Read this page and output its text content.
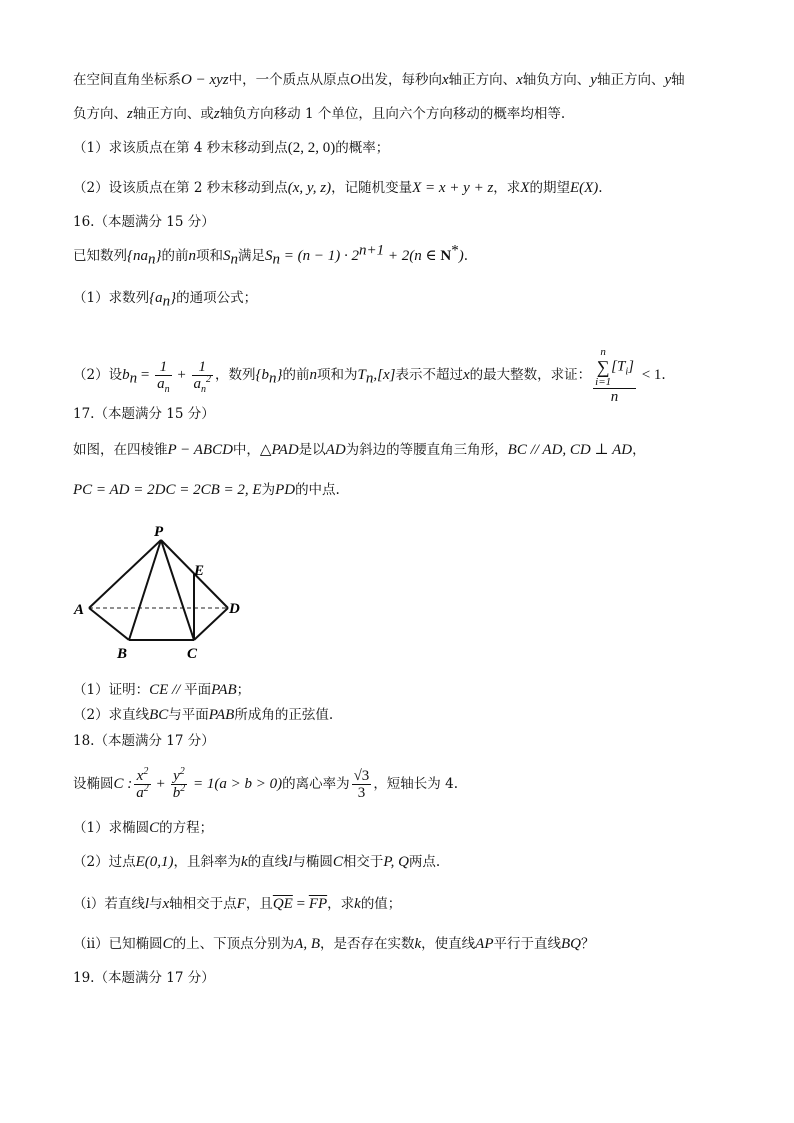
在空间直角坐标系O − xyz中，一个质点从原点O出发，每秒向x轴正方向、x轴负方向、y轴正方向、y轴
负方向、z轴正方向、或z轴负方向移动 1 个单位，且向六个方向移动的概率均相等.
（1）求该质点在第 4 秒末移动到点(2, 2, 0)的概率；
（2）设该质点在第 2 秒末移动到点(x, y, z)，记随机变量X = x + y + z，求X的期望E(X).
16.（本题满分 15 分）
已知数列$\{na_n\}$的前n项和$S_n$满足$S_n = (n - 1) \cdot 2^{n+1} + 2(n$ ∈ N*).
（1）求数列$\{a_n\}$的通项公式；
（2）设$b_n = \frac{1}{a_n} + \frac{1}{a_n^2}$ ，数列$\{b_n\}$的前n项和为$T_n,[x]$表示不超过x的最大整数，求证： n
∑
i=1
$[T_i]$
n < 1.
17.（本题满分 15 分）
如图，在四棱锥P − ABCD中，△PAD是以AD为斜边的等腰直角三角形，BC // AD, CD ⊥ AD，
PC = AD = 2DC = 2CB = 2, E为PD的中点.
P
A
B	C
D
E
（1）证明：CE // 平面PAB；
（2）求直线BC与平面PAB所成角的正弦值.
18.（本题满分 17 分）
设椭圆C : $\frac{x^2}{a^2} + \frac{y^2}{b^2} = 1(a > b > 0)$的离心率为 $\frac{√3}{3}$ ，短轴长为 4.
（1）求椭圆C的方程；
（2）过点E(0,1)，且斜率为k的直线l与椭圆C相交于P, Q两点.
（i）若直线l与x轴相交于点F，且$\overline{QE} = \overline{FP}$，求k的值；
（ii）已知椭圆C的上、下顶点分别为A, B，是否存在实数k，使直线AP平行于直线BQ？
19.（本题满分 17 分）
